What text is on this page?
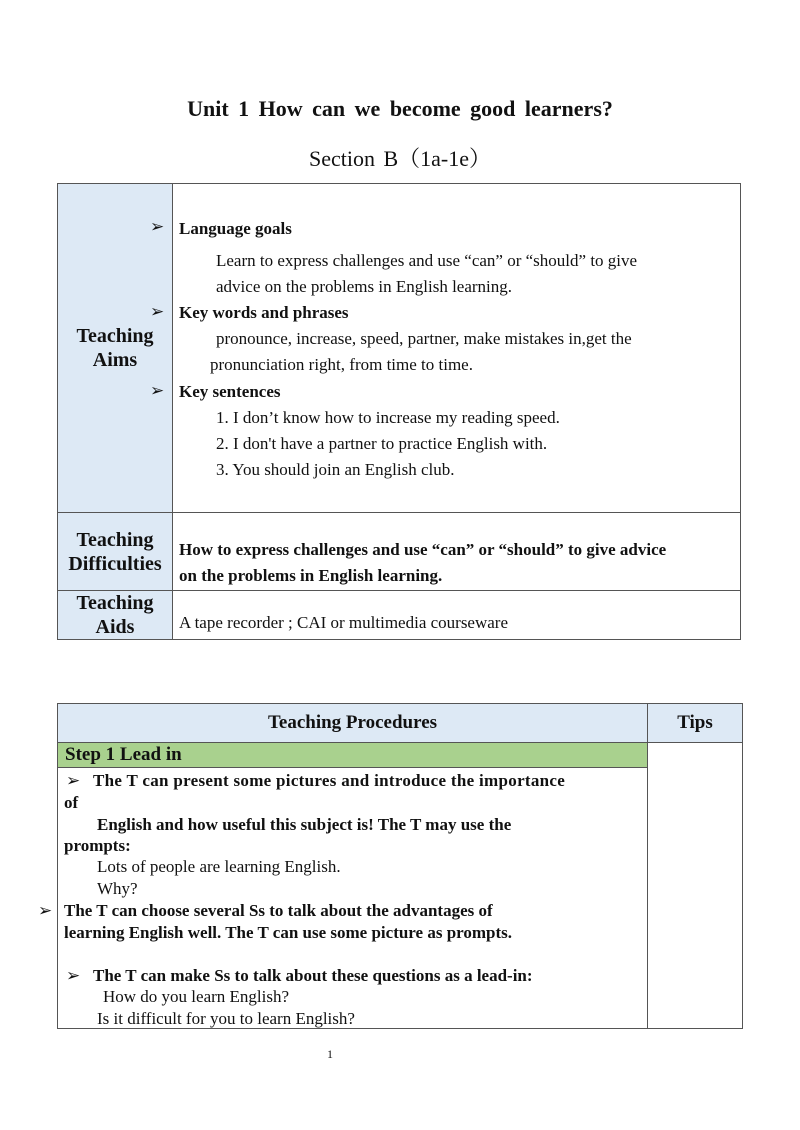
Unit 1 How can we become good learners?
Section B（1a-1e）
Teaching
Aims
➢ Language goals
Learn to express challenges and use “can” or “should” to give
advice on the problems in English learning.
➢ Key words and phrases
pronounce, increase, speed, partner, make mistakes in,get the
pronunciation right, from time to time.
➢ Key sentences
1. I don’t know how to increase my reading speed.
2. I don't have a partner to practice English with.
3. You should join an English club.
Teaching
Difficulties
How to express challenges and use “can” or “should” to give advice
on the problems in English learning.
Teaching
Aids	A tape recorder ; CAI or multimedia courseware
Teaching Procedures	Tips
Step 1 Lead in
➢ The T can present some pictures and introduce the importance
of
English and how useful this subject is! The T may use the
prompts:
Lots of people are learning English.
Why?
➢ The T can choose several Ss to talk about the advantages of
learning English well. The T can use some picture as prompts.
➢ The T can make Ss to talk about these questions as a lead-in:
How do you learn English?
Is it difficult for you to learn English?
1
